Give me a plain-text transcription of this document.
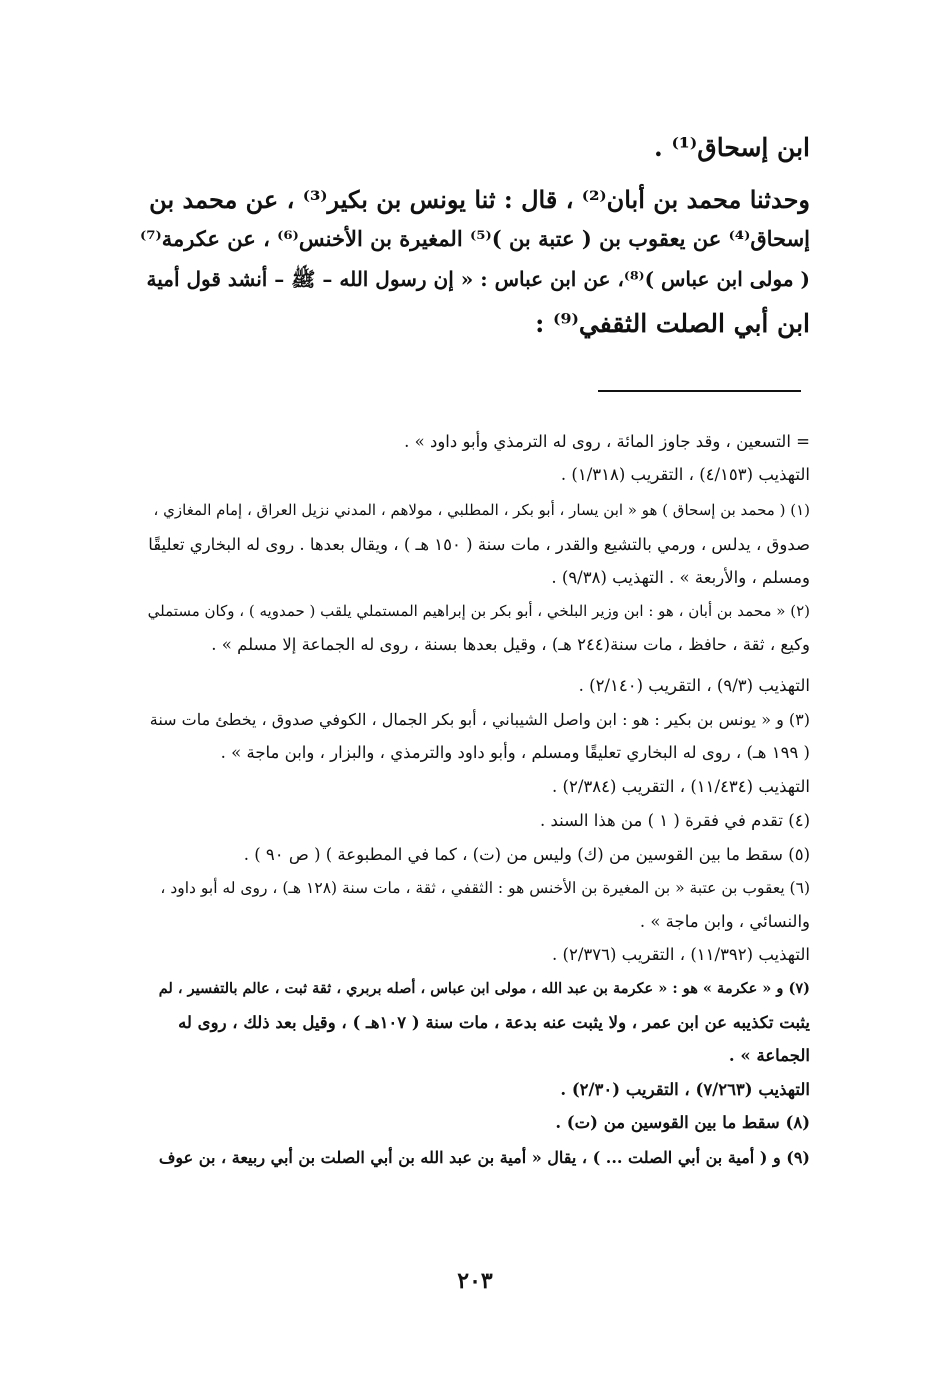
ابن إسحاق⁽¹⁾ .
وحدثنا محمد بن أبان⁽²⁾ ، قال : ثنا يونس بن بكير⁽³⁾ ، عن محمد بن
إسحاق⁽⁴⁾ عن يعقوب بن ( عتبة بن )⁽⁵⁾ المغيرة بن الأخنس⁽⁶⁾ ، عن عكرمة⁽⁷⁾
( مولى ابن عباس )⁽⁸⁾، عن ابن عباس : « إن رسول الله – ﷺ – أنشد قول أمية
ابن أبي الصلت الثقفي⁽⁹⁾ :
= التسعين ، وقد جاوز المائة ، روى له الترمذي وأبو داود » .
التهذيب (٤/١٥٣) ، التقريب (١/٣١٨) .
(١) ( محمد بن إسحاق ) هو « ابن يسار ، أبو بكر ، المطلبي ، مولاهم ، المدني نزيل العراق ، إمام المغازي ،
صدوق ، يدلس ، ورمي بالتشيع والقدر ، مات سنة ( ١٥٠ هـ ) ، ويقال بعدها . روى له البخاري تعليقًا
ومسلم ، والأربعة » . التهذيب (٩/٣٨) .
(٢) « محمد بن أبان ، هو : ابن وزير البلخي ، أبو بكر بن إبراهيم المستملي يلقب ( حمدويه ) ، وكان مستملي
وكيع ، ثقة ، حافظ ، مات سنة(٢٤٤ هـ) ، وقيل بعدها بسنة ، روى له الجماعة إلا مسلم » .
التهذيب (٩/٣) ، التقريب (٢/١٤٠) .
(٣) و « يونس بن بكير : هو : ابن واصل الشيباني ، أبو بكر الجمال ، الكوفي صدوق ، يخطئ مات سنة
( ١٩٩ هـ) ، روى له البخاري تعليقًا ومسلم ، وأبو داود والترمذي ، والبزار ، وابن ماجة » .
التهذيب (١١/٤٣٤) ، التقريب (٢/٣٨٤) .
(٤) تقدم في فقرة ( ١ ) من هذا السند .
(٥) سقط ما بين القوسين من (ك) وليس من (ت) ، كما في المطبوعة ) ( ص ٩٠ ) .
(٦) يعقوب بن عتبة « بن المغيرة بن الأخنس هو : الثقفي ، ثقة ، مات سنة (١٢٨ هـ) ، روى له أبو داود ،
والنسائي ، وابن ماجة » .
التهذيب (١١/٣٩٢) ، التقريب (٢/٣٧٦) .
(٧) و « عكرمة » هو : « عكرمة بن عبد الله ، مولى ابن عباس ، أصله بربري ، ثقة ثبت ، عالم بالتفسير ، لم
يثبت تكذيبه عن ابن عمر ، ولا يثبت عنه بدعة ، مات سنة ( ١٠٧هـ ) ، وقيل بعد ذلك ، روى له
الجماعة » .
التهذيب (٧/٢٦٣) ، التقريب (٢/٣٠) .
(٨) سقط ما بين القوسين من (ت) .
(٩) و ( أمية بن أبي الصلت ... ) ، يقال « أمية بن عبد الله بن أبي الصلت بن أبي ربيعة ، بن عوف
٢٠٣
